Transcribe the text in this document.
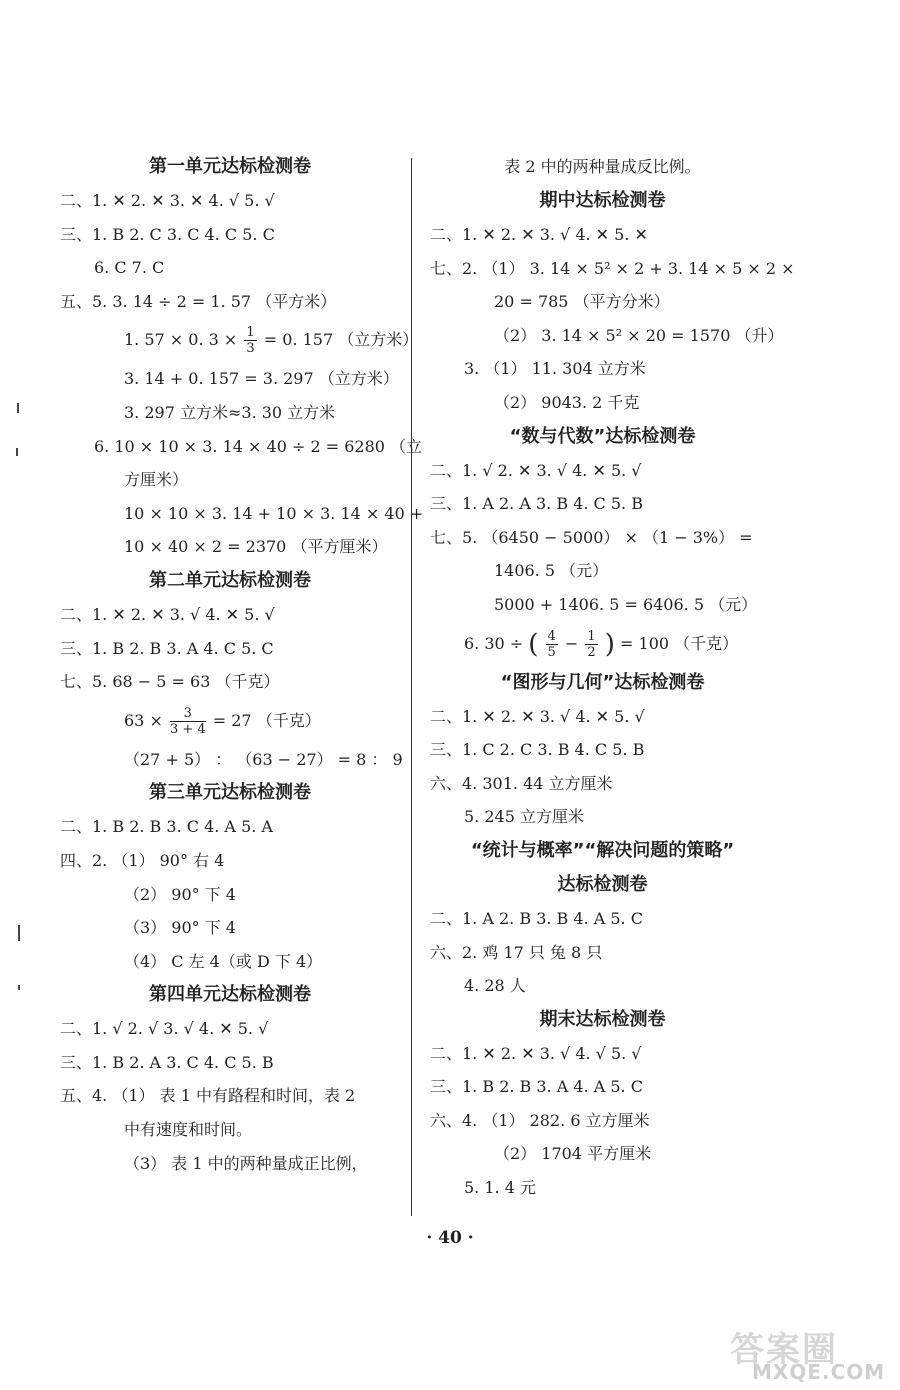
第一单元达标检测卷
二、1. ✕ 2. ✕ 3. ✕ 4. √ 5. √
三、1. B 2. C 3. C 4. C 5. C
6. C 7. C
五、5. 3. 14 ÷ 2 = 1. 57 （平方米）
1. 57 × 0. $3 \times \frac{1}{3} = 0$. 157 （立方米）
3. 14 + 0. 157 = 3. 297 （立方米）
3. 297 立方米≈3. 30 立方米
6. 10 × 10 × 3. 14 × 40 ÷ 2 = 6280 （立
方厘米）
10 × 10 × 3. 14 + 10 × 3. 14 × 40 +
10 × 40 × 2 = 2370 （平方厘米）
第二单元达标检测卷
二、1. ✕ 2. ✕ 3. √ 4. ✕ 5. √
三、1. B 2. B 3. A 4. C 5. C
七、5. 68 − 5 = 63 （千克）
$63 \times \frac{3}{3 + 4} = 27$ （千克）
（27 + 5） ： （63 − 27） = 8 ： 9
第三单元达标检测卷
二、1. B 2. B 3. C 4. A 5. A
四、2. （1） 90° 右 4
（2） 90° 下 4
（3） 90° 下 4
（4） C 左 4（或 D 下 4）
第四单元达标检测卷
二、1. √ 2. √ 3. √ 4. ✕ 5. √
三、1. B 2. A 3. C 4. C 5. B
五、4. （1） 表 1 中有路程和时间，表 2
中有速度和时间。
（3） 表 1 中的两种量成正比例，
表 2 中的两种量成反比例。
期中达标检测卷
二、1. ✕ 2. ✕ 3. √ 4. ✕ 5. ✕
七、2. （1） 3. 14 × 5² × 2 + 3. 14 × 5 × 2 ×
20 = 785 （平方分米）
（2） 3. 14 × 5² × 20 = 1570 （升）
3. （1） 11. 304 立方米
（2） 9043. 2 千克
“数与代数”达标检测卷
二、1. √ 2. ✕ 3. √ 4. ✕ 5. √
三、1. A 2. A 3. B 4. C 5. B
七、5. （6450 − 5000） × （1 − 3%） =
1406. 5 （元）
5000 + 1406. 5 = 6406. 5 （元）
6. 30 ÷ ( $\frac{4}{5} - \frac{1}{2}$ ) = 100 （千克）
“图形与几何”达标检测卷
二、1. ✕ 2. ✕ 3. √ 4. ✕ 5. √
三、1. C 2. C 3. B 4. C 5. B
六、4. 301. 44 立方厘米
5. 245 立方厘米
“统计与概率”“解决问题的策略”
达标检测卷
二、1. A 2. B 3. B 4. A 5. C
六、2. 鸡 17 只 兔 8 只
4. 28 人
期末达标检测卷
二、1. ✕ 2. ✕ 3. √ 4. √ 5. √
三、1. B 2. B 3. A 4. A 5. C
六、4. （1） 282. 6 立方厘米
（2） 1704 平方厘米
5. 1. 4 元
· 40 ·
答案圈
MXQE.COM
